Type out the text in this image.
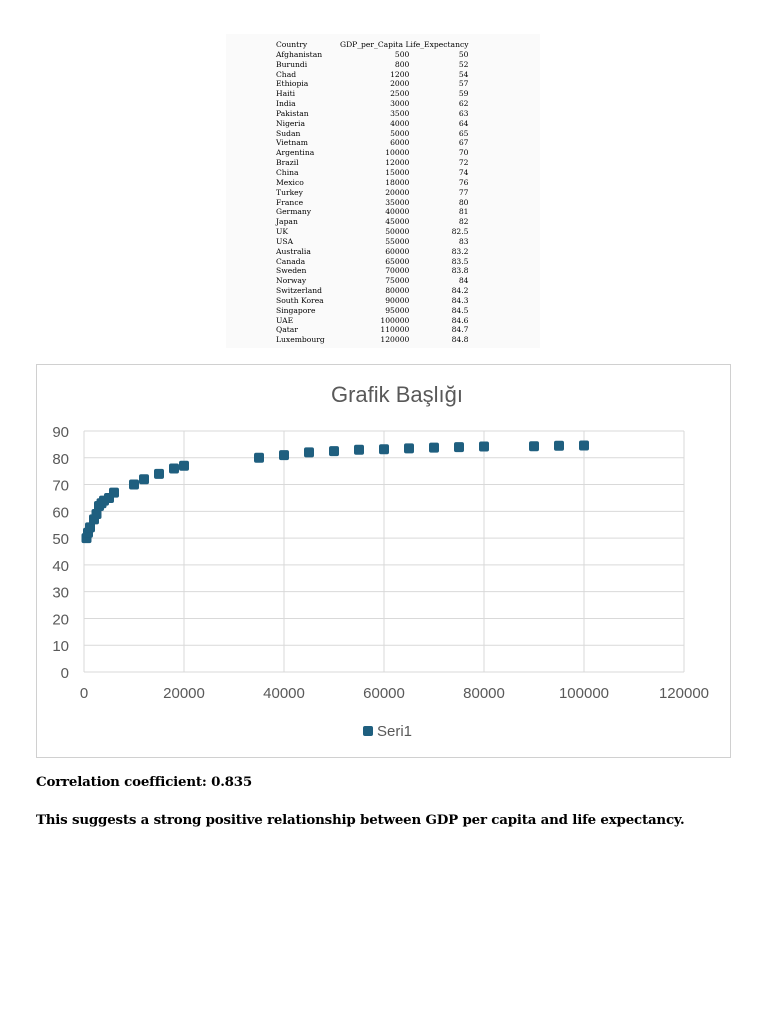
Country	GDP_per_Capita Life_Expectancy	
Afghanistan	500	50
Burundi	800	52
Chad	1200	54
Ethiopia	2000	57
Haiti	2500	59
India	3000	62
Pakistan	3500	63
Nigeria	4000	64
Sudan	5000	65
Vietnam	6000	67
Argentina	10000	70
Brazil	12000	72
China	15000	74
Mexico	18000	76
Turkey	20000	77
France	35000	80
Germany	40000	81
Japan	45000	82
UK	50000	82.5
USA	55000	83
Australia	60000	83.2
Canada	65000	83.5
Sweden	70000	83.8
Norway	75000	84
Switzerland	80000	84.2
South Korea	90000	84.3
Singapore	95000	84.5
UAE	100000	84.6
Qatar	110000	84.7
Luxembourg	120000	84.8
Grafik Başlığı
0
10
20
30
40
50
60
70
80
90
0	20000	40000	60000	80000	100000	120000
Seri1
Correlation coefficient: 0.835
This suggests a strong positive relationship between GDP per capita and life expectancy.
